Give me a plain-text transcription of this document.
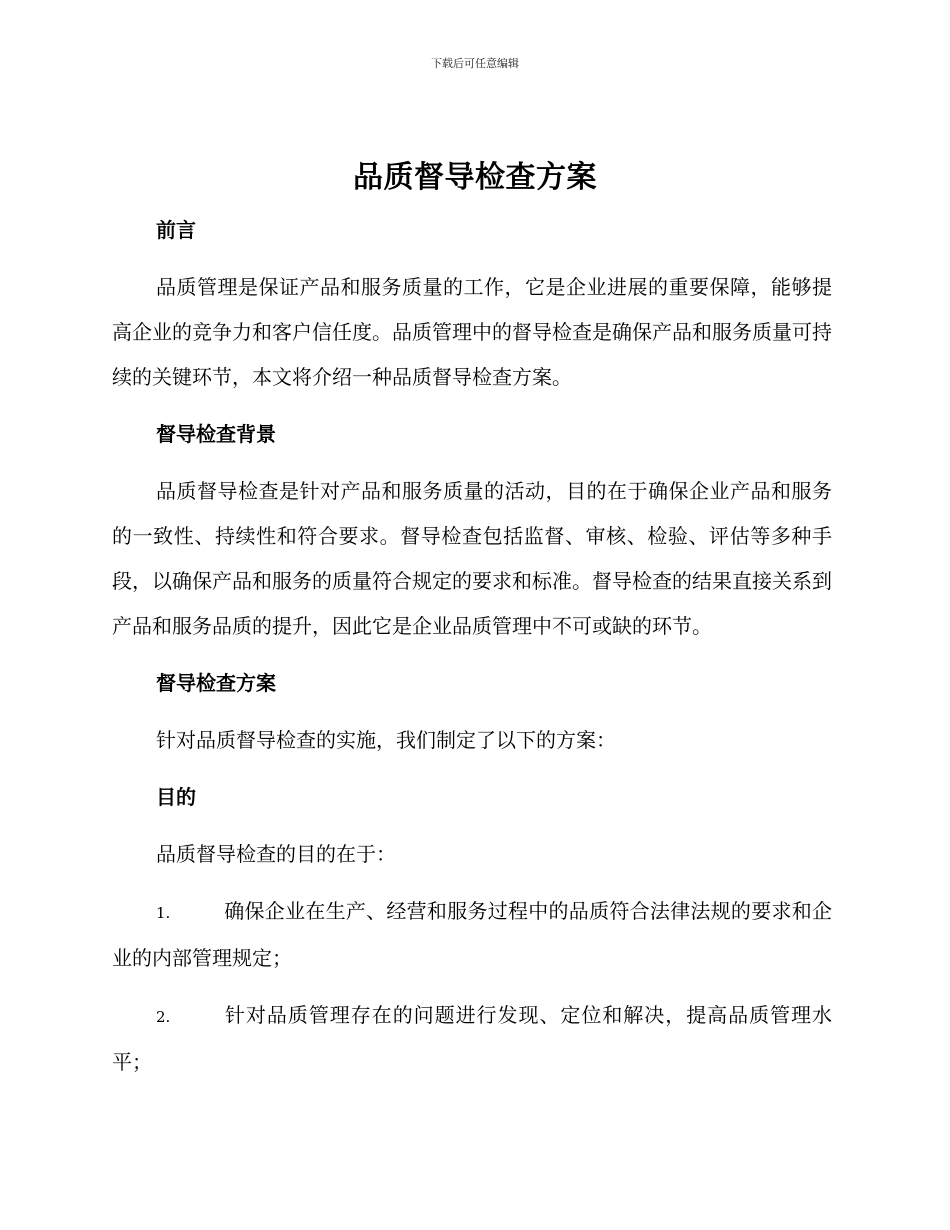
下载后可任意编辑
品质督导检查方案
前言
品质管理是保证产品和服务质量的工作，它是企业进展的重要保障，能够提高企业的竞争力和客户信任度。品质管理中的督导检查是确保产品和服务质量可持续的关键环节，本文将介绍一种品质督导检查方案。
督导检查背景
品质督导检查是针对产品和服务质量的活动，目的在于确保企业产品和服务的一致性、持续性和符合要求。督导检查包括监督、审核、检验、评估等多种手段，以确保产品和服务的质量符合规定的要求和标准。督导检查的结果直接关系到产品和服务品质的提升，因此它是企业品质管理中不可或缺的环节。
督导检查方案
针对品质督导检查的实施，我们制定了以下的方案：
目的
品质督导检查的目的在于：
1.	确保企业在生产、经营和服务过程中的品质符合法律法规的要求和企业的内部管理规定；
2.	针对品质管理存在的问题进行发现、定位和解决，提高品质管理水平；
